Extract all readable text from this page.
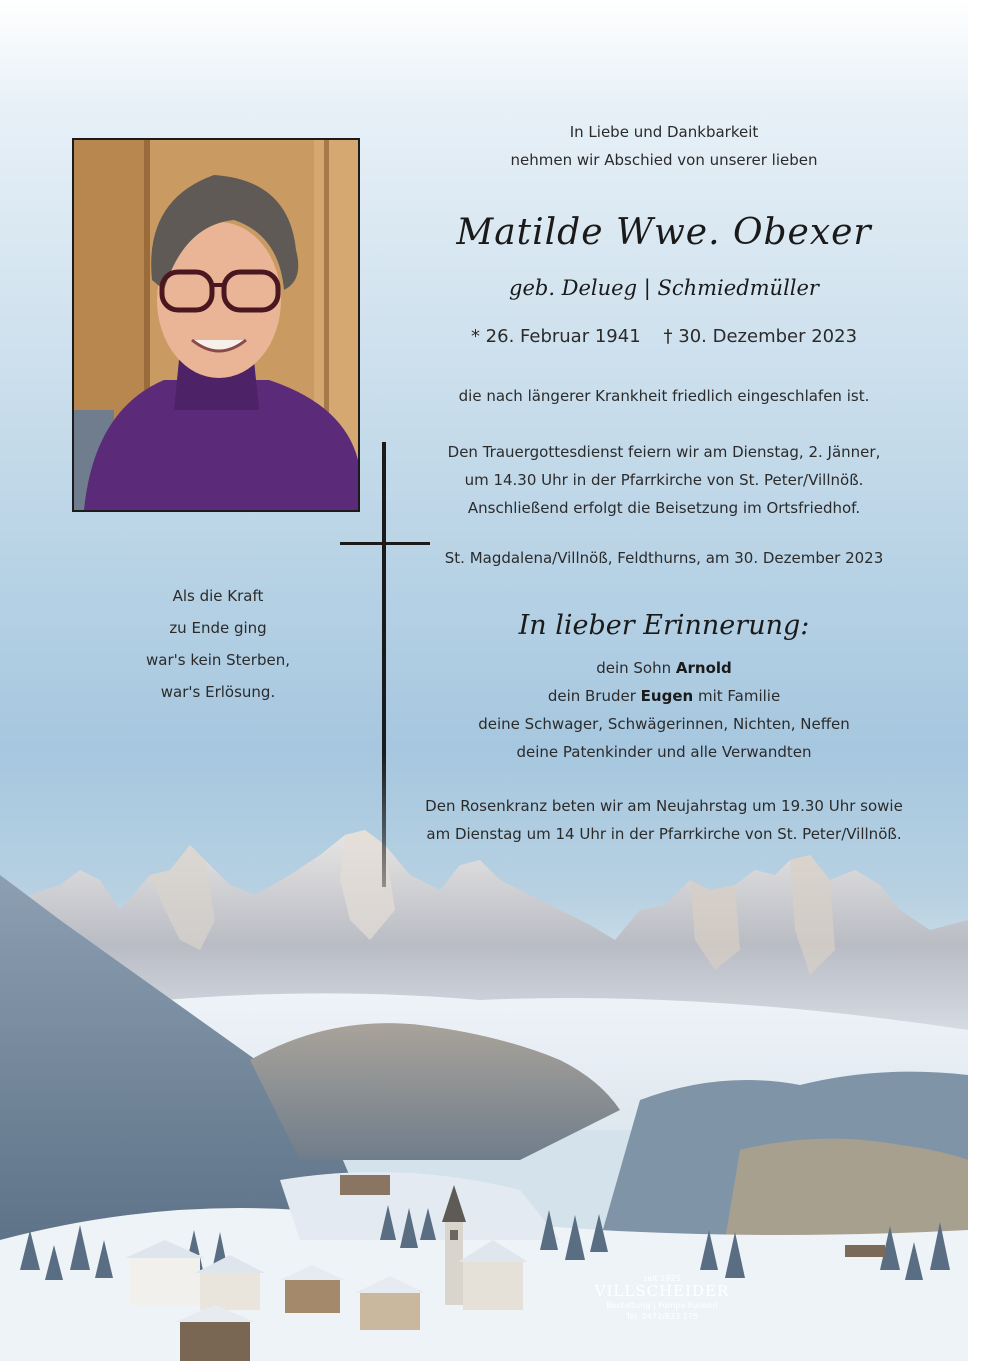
In Liebe und Dankbarkeit
nehmen wir Abschied von unserer lieben
Matilde Wwe. Obexer
geb. Delueg | Schmiedmüller
* 26. Februar 1941 † 30. Dezember 2023
die nach längerer Krankheit friedlich eingeschlafen ist.
Den Trauergottesdienst feiern wir am Dienstag, 2. Jänner,
um 14.30 Uhr in der Pfarrkirche von St. Peter/Villnöß.
Anschließend erfolgt die Beisetzung im Ortsfriedhof.
St. Magdalena/Villnöß, Feldthurns, am 30. Dezember 2023
Als die Kraft
zu Ende ging
war's kein Sterben,
war's Erlösung.
In lieber Erinnerung:
dein Sohn Arnold
dein Bruder Eugen mit Familie
deine Schwager, Schwägerinnen, Nichten, Neffen
deine Patenkinder und alle Verwandten
Den Rosenkranz beten wir am Neujahrstag um 19.30 Uhr sowie
am Dienstag um 14 Uhr in der Pfarrkirche von St. Peter/Villnöß.
seit 1925
VILLSCHEIDER
Bestattung | Pompe Funebri
Tel. 0472/833 175
